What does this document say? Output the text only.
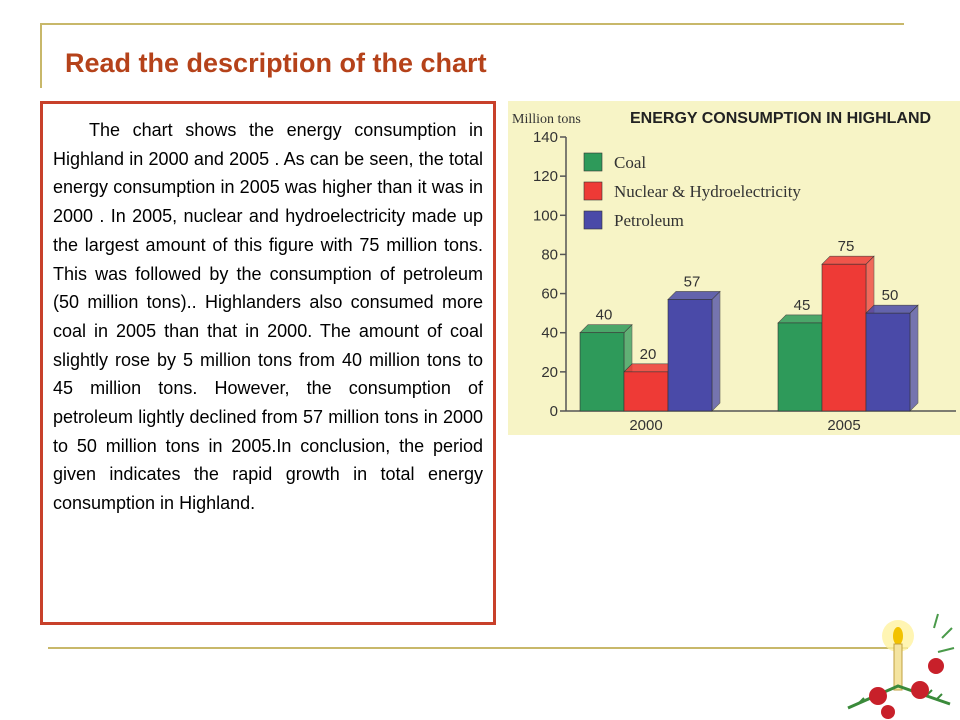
Read the description of the chart

The chart shows the energy consumption in Highland in 2000 and 2005 . As can be seen, the total energy consumption in 2005 was higher than it was in 2000 . In 2005, nuclear and hydroelectricity made up the largest amount of this figure with 75 million tons. This was followed by the consumption of petroleum (50 million tons).. Highlanders also consumed more coal in 2005 than that in 2000. The amount of coal slightly rose by 5 million tons from 40 million tons to 45 million tons. However, the consumption of petroleum lightly declined from 57 million tons in 2000 to 50 million tons in 2005.In conclusion, the period given indicates the rapid growth in total energy consumption in Highland.

ENERGY CONSUMPTION IN HIGHLAND
Million tons
0
20
40
60
80
100
120
140
40
20
57
2000
45
75
50
2005
Coal
Nuclear & Hydroelectricity
Petroleum
